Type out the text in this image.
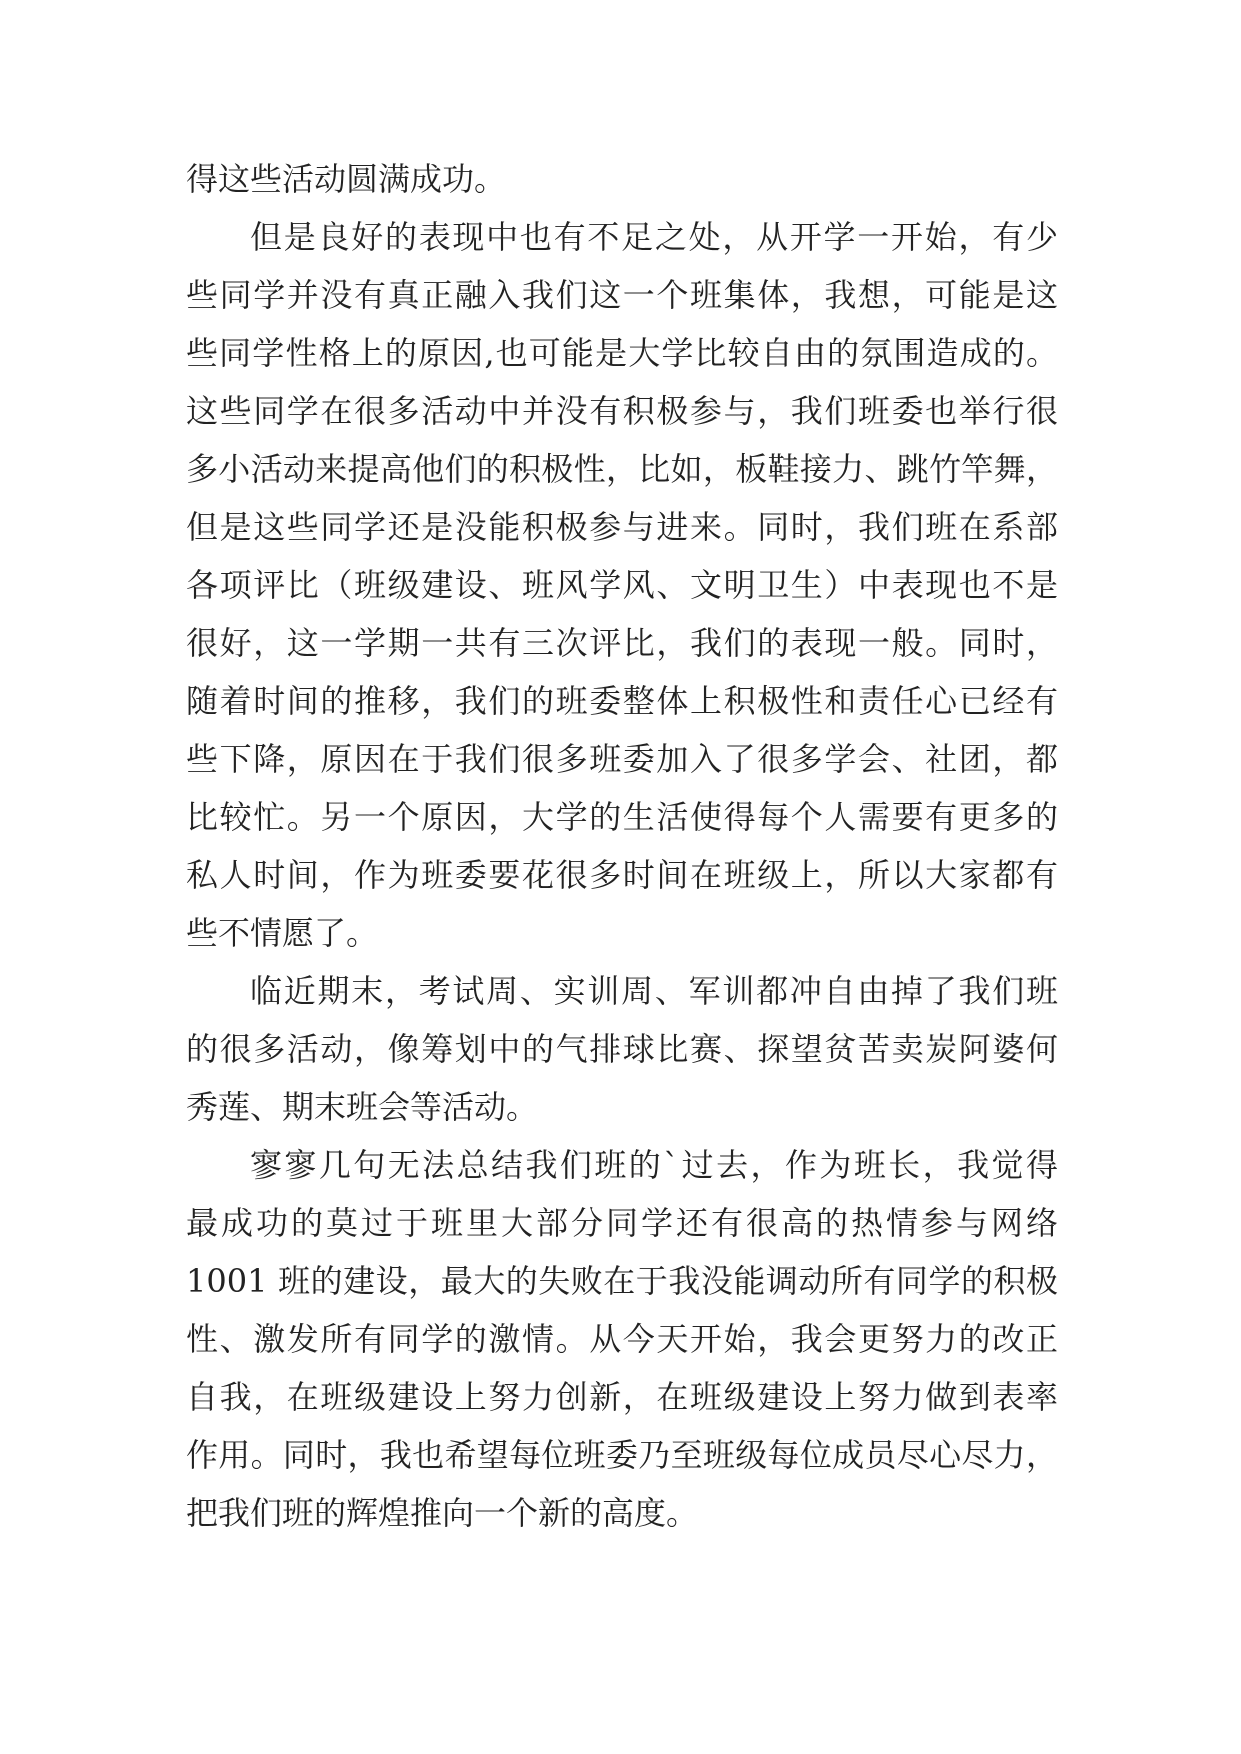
得这些活动圆满成功。
但是良好的表现中也有不足之处，从开学一开始，有少
些同学并没有真正融入我们这一个班集体，我想，可能是这
些同学性格上的原因,也可能是大学比较自由的氛围造成的。
这些同学在很多活动中并没有积极参与，我们班委也举行很
多小活动来提高他们的积极性，比如，板鞋接力、跳竹竿舞，
但是这些同学还是没能积极参与进来。同时，我们班在系部
各项评比（班级建设、班风学风、文明卫生）中表现也不是
很好，这一学期一共有三次评比，我们的表现一般。同时，
随着时间的推移，我们的班委整体上积极性和责任心已经有
些下降，原因在于我们很多班委加入了很多学会、社团，都
比较忙。另一个原因，大学的生活使得每个人需要有更多的
私人时间，作为班委要花很多时间在班级上，所以大家都有
些不情愿了。
临近期末，考试周、实训周、军训都冲自由掉了我们班
的很多活动，像筹划中的气排球比赛、探望贫苦卖炭阿婆何
秀莲、期末班会等活动。
寥寥几句无法总结我们班的`过去，作为班长，我觉得
最成功的莫过于班里大部分同学还有很高的热情参与网络
1001 班的建设，最大的失败在于我没能调动所有同学的积极
性、激发所有同学的激情。从今天开始，我会更努力的改正
自我，在班级建设上努力创新，在班级建设上努力做到表率
作用。同时，我也希望每位班委乃至班级每位成员尽心尽力，
把我们班的辉煌推向一个新的高度。
